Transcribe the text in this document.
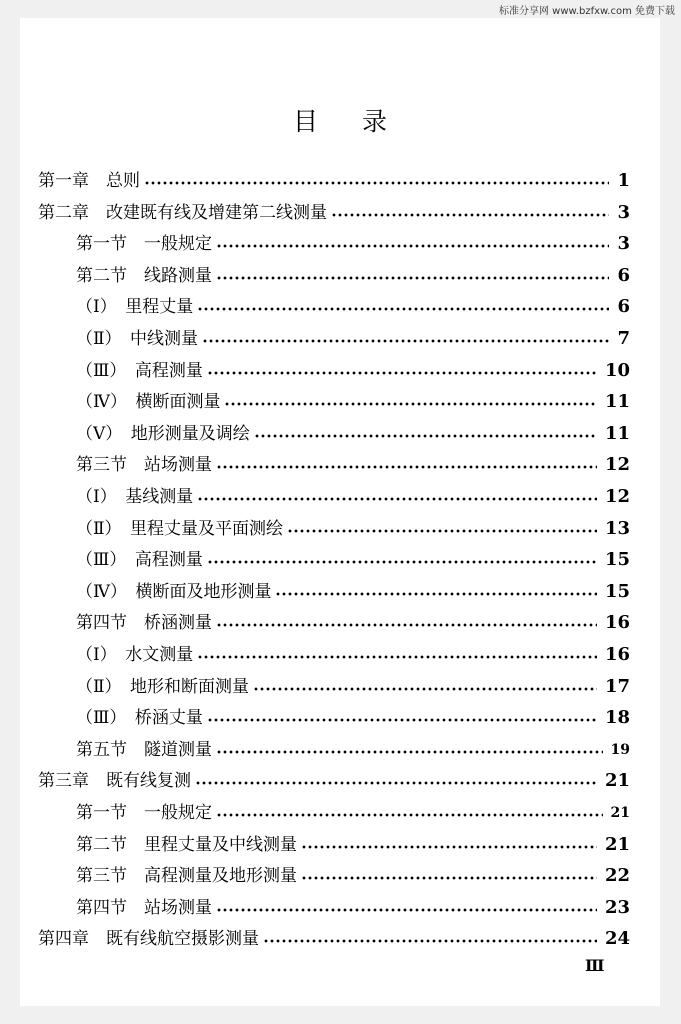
标准分享网 www.bzfxw.com 免费下载
目录
第一章　总则	1
第二章　改建既有线及增建第二线测量	3
第一节　一般规定	3
第二节　线路测量	6
（Ⅰ）　里程丈量	6
（Ⅱ）　中线测量	7
（Ⅲ）　高程测量	10
（Ⅳ）　横断面测量	11
（Ⅴ）　地形测量及调绘	11
第三节　站场测量	12
（Ⅰ）　基线测量	12
（Ⅱ）　里程丈量及平面测绘	13
（Ⅲ）　高程测量	15
（Ⅳ）　横断面及地形测量	15
第四节　桥涵测量	16
（Ⅰ）　水文测量	16
（Ⅱ）　地形和断面测量	17
（Ⅲ）　桥涵丈量	18
第五节　隧道测量	19
第三章　既有线复测	21
第一节　一般规定	21
第二节　里程丈量及中线测量	21
第三节　高程测量及地形测量	22
第四节　站场测量	23
第四章　既有线航空摄影测量	24
Ⅲ
